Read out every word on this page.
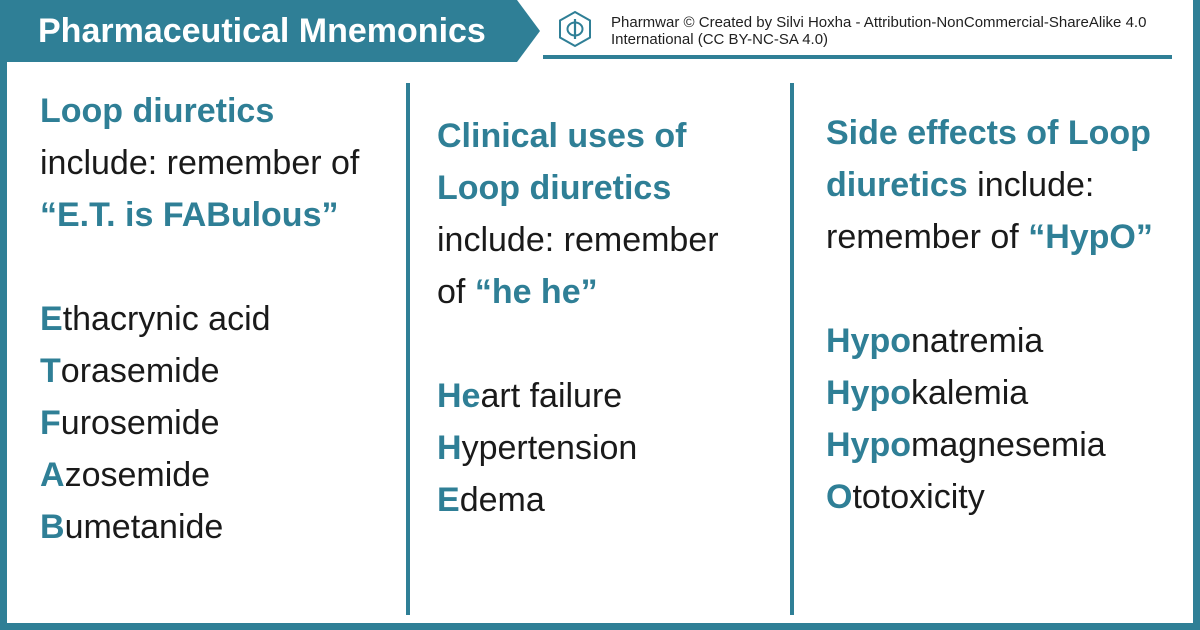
Pharmaceutical Mnemonics	Pharmwar © Created by Silvi Hoxha - Attribution-NonCommercial-ShareAlike 4.0 International (CC BY-NC-SA 4.0)

Loop diuretics include: remember of “E.T. is FABulous”

Ethacrynic acid
Torasemide
Furosemide
Azosemide
Bumetanide

Clinical uses of Loop diuretics include: remember of “he he”

Heart failure
Hypertension
Edema

Side effects of Loop diuretics include: remember of “HypO”

Hyponatremia
Hypokalemia
Hypomagnesemia
Ototoxicity
